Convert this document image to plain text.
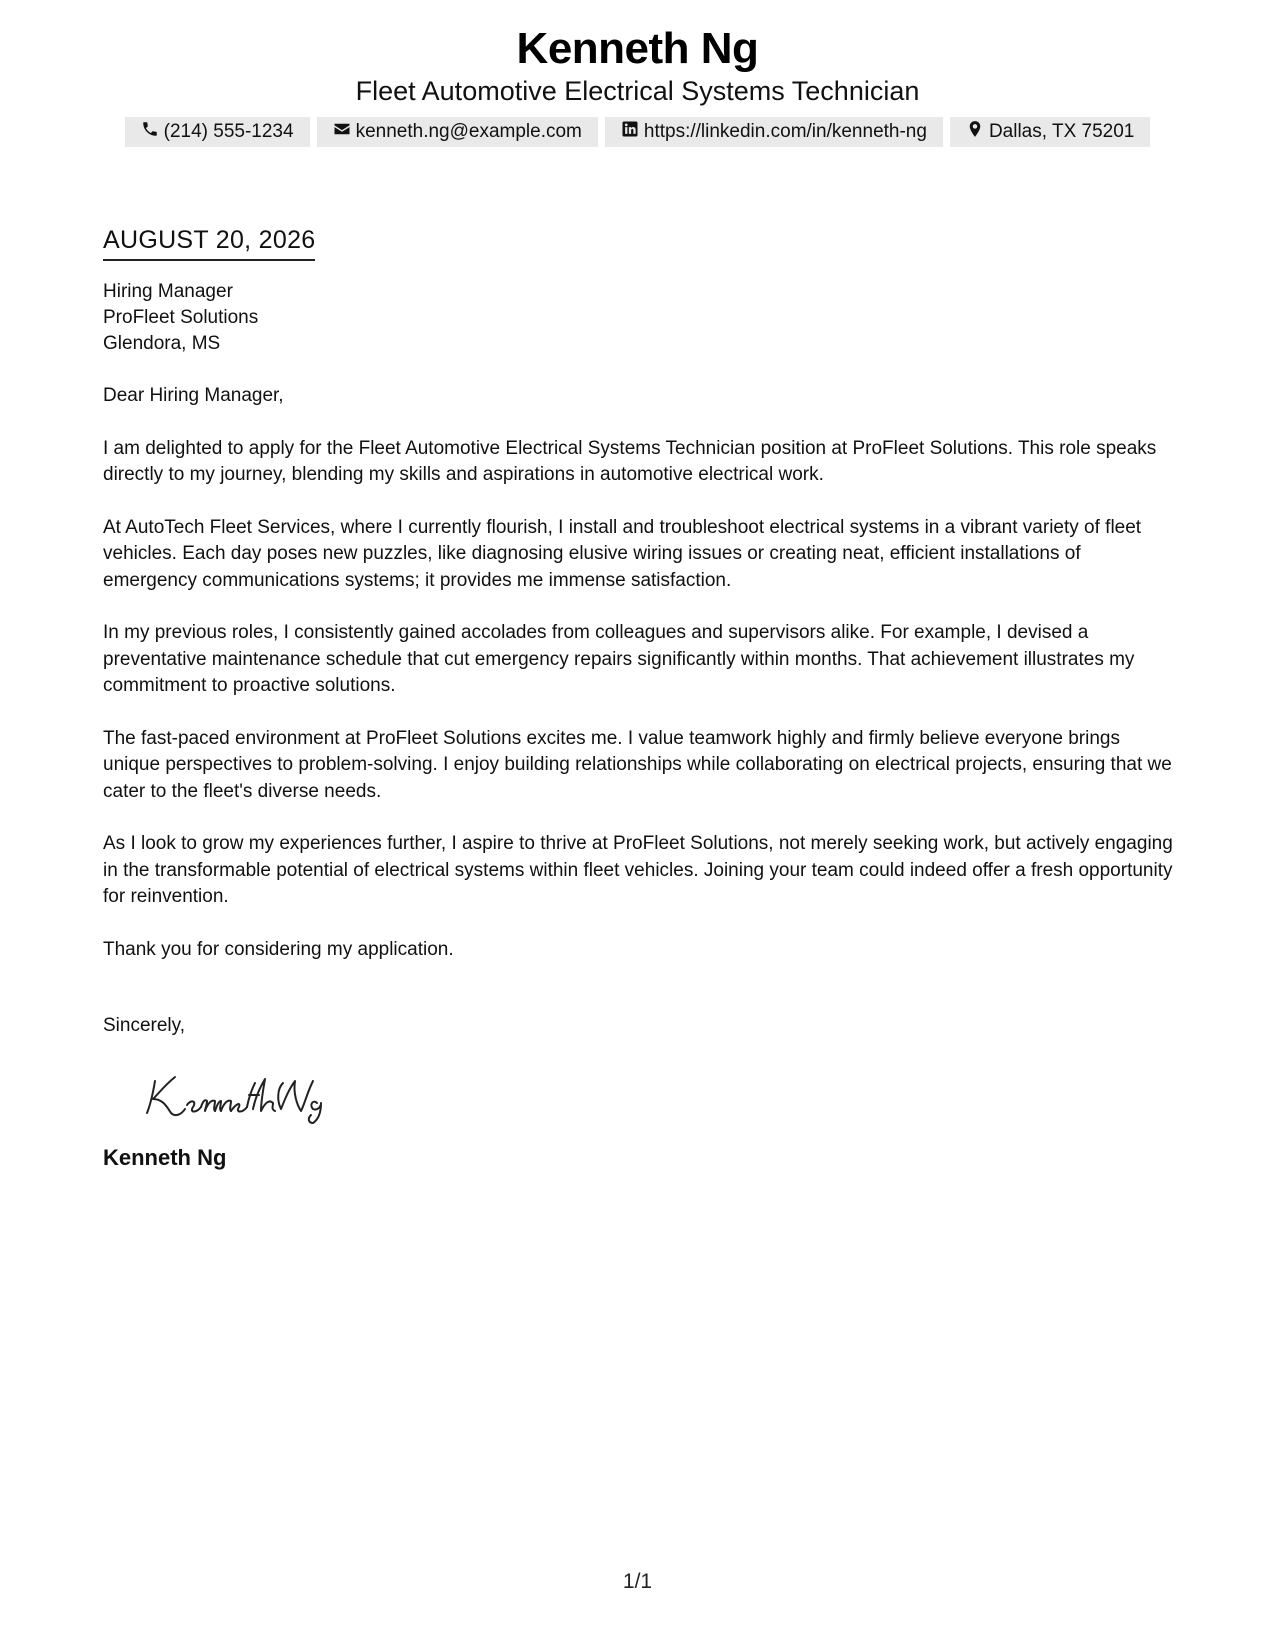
Kenneth Ng
Fleet Automotive Electrical Systems Technician
(214) 555-1234	kenneth.ng@example.com	https://linkedin.com/in/kenneth-ng	Dallas, TX 75201
AUGUST 20, 2026
Hiring Manager
ProFleet Solutions
Glendora, MS

Dear Hiring Manager,

I am delighted to apply for the Fleet Automotive Electrical Systems Technician position at ProFleet Solutions. This role speaks directly to my journey, blending my skills and aspirations in automotive electrical work.

At AutoTech Fleet Services, where I currently flourish, I install and troubleshoot electrical systems in a vibrant variety of fleet vehicles. Each day poses new puzzles, like diagnosing elusive wiring issues or creating neat, efficient installations of emergency communications systems; it provides me immense satisfaction.

In my previous roles, I consistently gained accolades from colleagues and supervisors alike. For example, I devised a preventative maintenance schedule that cut emergency repairs significantly within months. That achievement illustrates my commitment to proactive solutions.

The fast-paced environment at ProFleet Solutions excites me. I value teamwork highly and firmly believe everyone brings unique perspectives to problem-solving. I enjoy building relationships while collaborating on electrical projects, ensuring that we cater to the fleet's diverse needs.

As I look to grow my experiences further, I aspire to thrive at ProFleet Solutions, not merely seeking work, but actively engaging in the transformable potential of electrical systems within fleet vehicles. Joining your team could indeed offer a fresh opportunity for reinvention.

Thank you for considering my application.

Sincerely,
Kenneth Ng
1/1
